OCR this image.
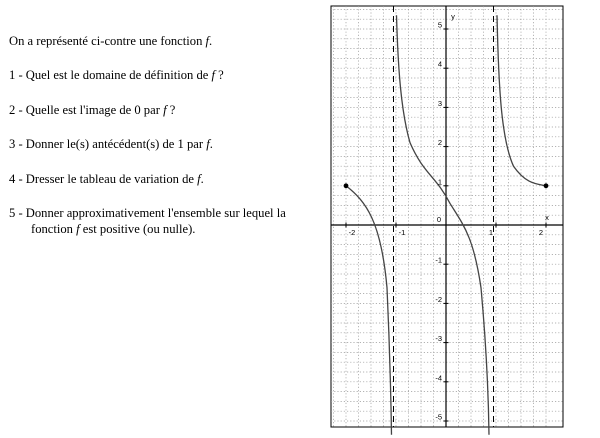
On a représenté ci-contre une fonction f.

1 - Quel est le domaine de définition de f ?

2 - Quelle est l'image de 0 par f ?

3 - Donner le(s) antécédent(s) de 1 par f.

4 - Dresser le tableau de variation de f.

5 - Donner approximativement l'ensemble sur lequel la

fonction f est positive (ou nulle).	-2	-1	1	2
5
4
3
2
1
-1
-2
-3
-4
-5
0	x
y
